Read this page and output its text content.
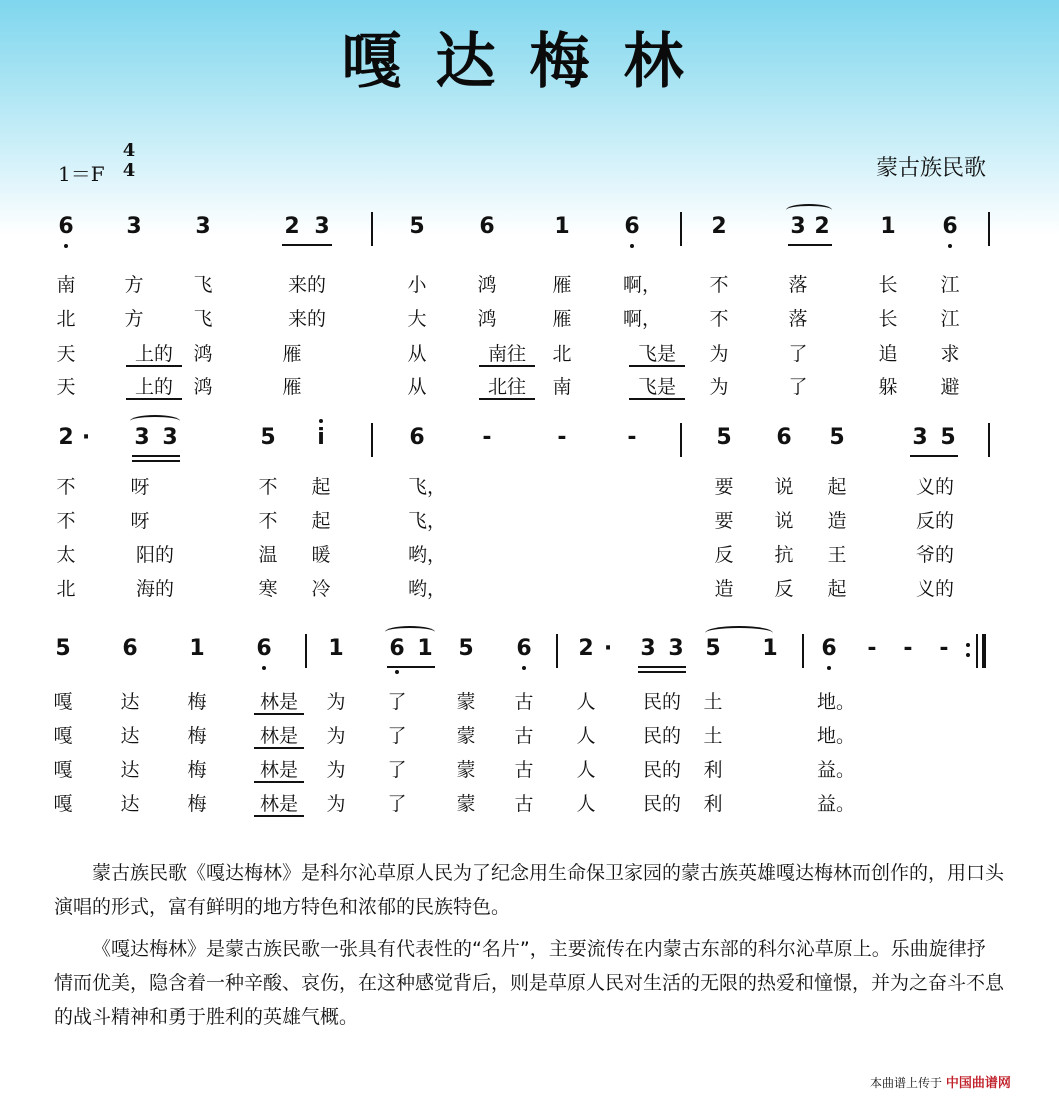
嘎达梅林
1＝F
4
4	蒙古族民歌
6 3 3	2 3	5 6	1 6	2	3 2 1 6
南	方	飞	来的	小	鸿	雁	啊，	不	落	长 江
北	方	飞	来的	大	鸿	雁	啊，	不	落	长 江
天	上的	鸿	雁	从	南往	北	飞是	为	了	追 求
天	上的	鸿	雁	从	北往	南	飞是	为	了	躲 避
2 · 3 3	5 i	6	-	-	-	5 6 5	3 5
不	呀	不 起	飞，	要 说 起	义的
不	呀	不 起	飞，	要 说 造	反的
太	阳的	温 暖	哟，	反 抗 王	爷的
北	海的	寒 冷	哟，	造 反 起	义的
5 6 1 6	1 6 1 5 6 2 · 3 3 5 1 6 - - -
嘎	达	梅	林是	为 了	蒙 古 人	民的	土	地。
嘎	达	梅	林是	为 了	蒙 古 人	民的	土	地。
嘎	达	梅	林是	为 了	蒙 古 人	民的	利	益。
嘎	达	梅	林是	为 了	蒙 古 人	民的	利	益。
蒙古族民歌《嘎达梅林》是科尔沁草原人民为了纪念用生命保卫家园的蒙古族英雄嘎达梅林而创作的，用口头演唱的形式，富有鲜明的地方特色和浓郁的民族特色。
《嘎达梅林》是蒙古族民歌一张具有代表性的“名片”，主要流传在内蒙古东部的科尔沁草原上。乐曲旋律抒情而优美，隐含着一种辛酸、哀伤，在这种感觉背后，则是草原人民对生活的无限的热爱和憧憬，并为之奋斗不息的战斗精神和勇于胜利的英雄气概。
本曲谱上传于 中国曲谱网
